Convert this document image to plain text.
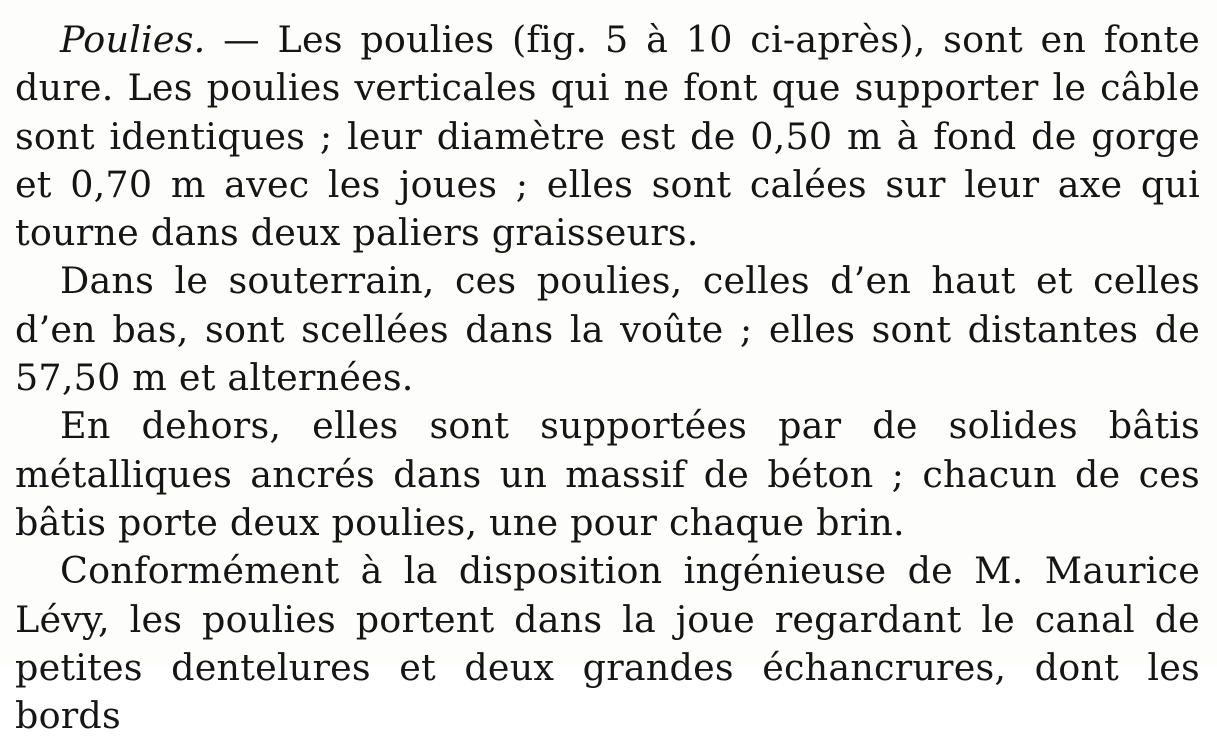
Poulies. — Les poulies (fig. 5 à 10 ci-après), sont en fonte dure. Les poulies verticales qui ne font que supporter le câble sont identiques ; leur diamètre est de 0,50 m à fond de gorge et 0,70 m avec les joues ; elles sont calées sur leur axe qui tourne dans deux paliers graisseurs.

Dans le souterrain, ces poulies, celles d’en haut et celles d’en bas, sont scellées dans la voûte ; elles sont distantes de 57,50 m et alternées.

En dehors, elles sont supportées par de solides bâtis métalliques ancrés dans un massif de béton ; chacun de ces bâtis porte deux poulies, une pour chaque brin.

Conformément à la disposition ingénieuse de M. Maurice Lévy, les poulies portent dans la joue regardant le canal de petites dentelures et deux grandes échancrures, dont les bords
